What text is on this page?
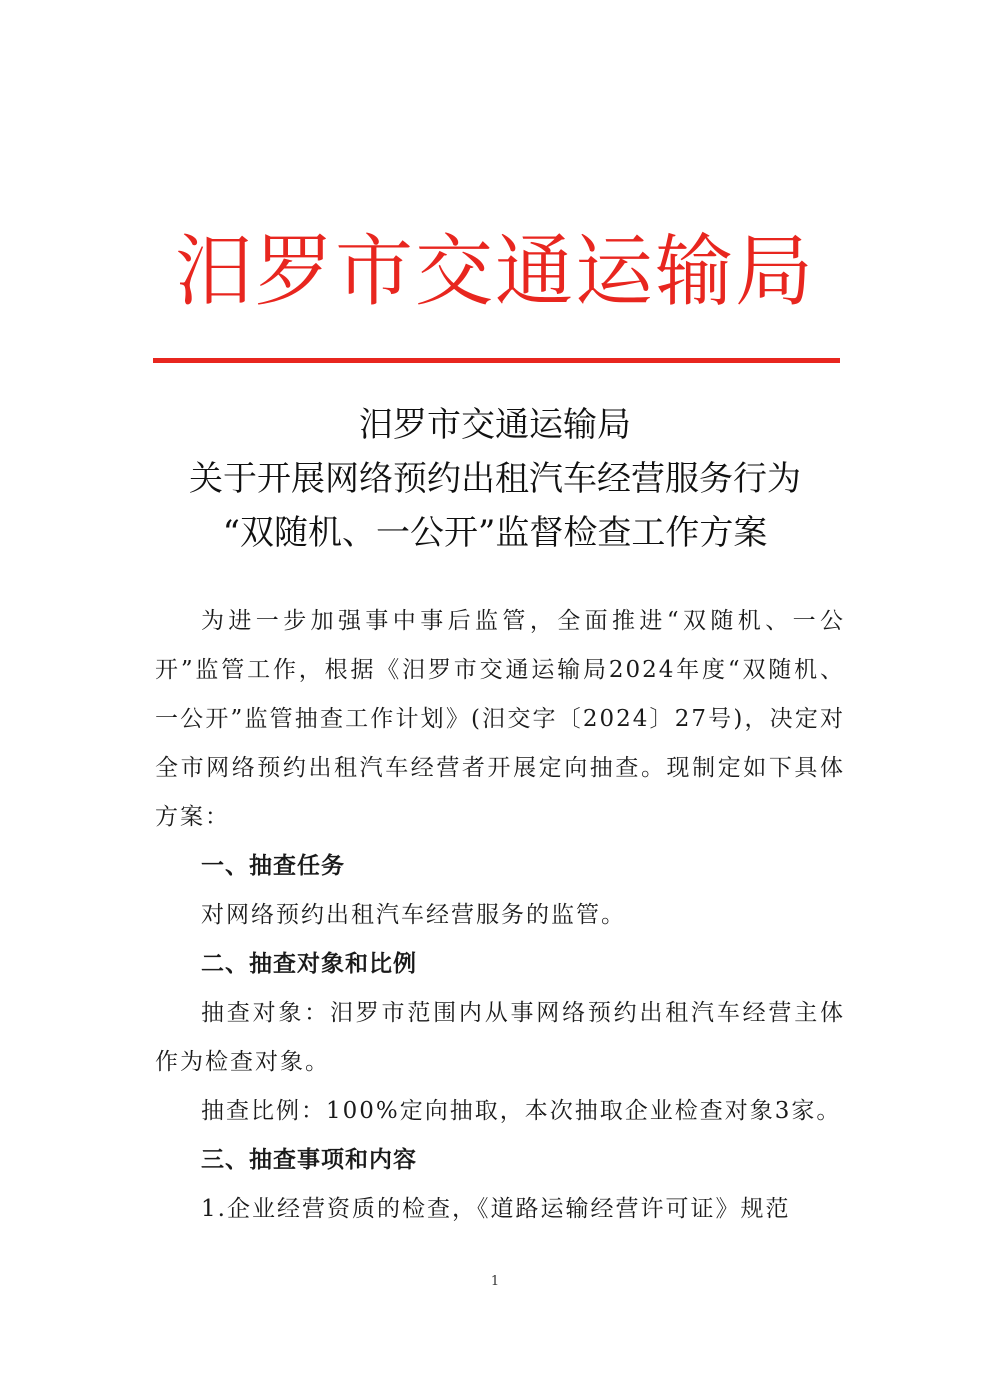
汨罗市交通运输局
汨罗市交通运输局
关于开展网络预约出租汽车经营服务行为
“双随机、一公开”监督检查工作方案

为进一步加强事中事后监管，全面推进“双随机、一公开”监管工作，根据《汨罗市交通运输局2024年度“双随机、一公开”监管抽查工作计划》(汨交字〔2024〕27号)，决定对全市网络预约出租汽车经营者开展定向抽查。现制定如下具体方案：

一、抽查任务

对网络预约出租汽车经营服务的监管。

二、抽查对象和比例

抽查对象：汨罗市范围内从事网络预约出租汽车经营主体作为检查对象。

抽查比例：100%定向抽取，本次抽取企业检查对象3家。

三、抽查事项和内容

1.企业经营资质的检查，《道路运输经营许可证》规范

1
